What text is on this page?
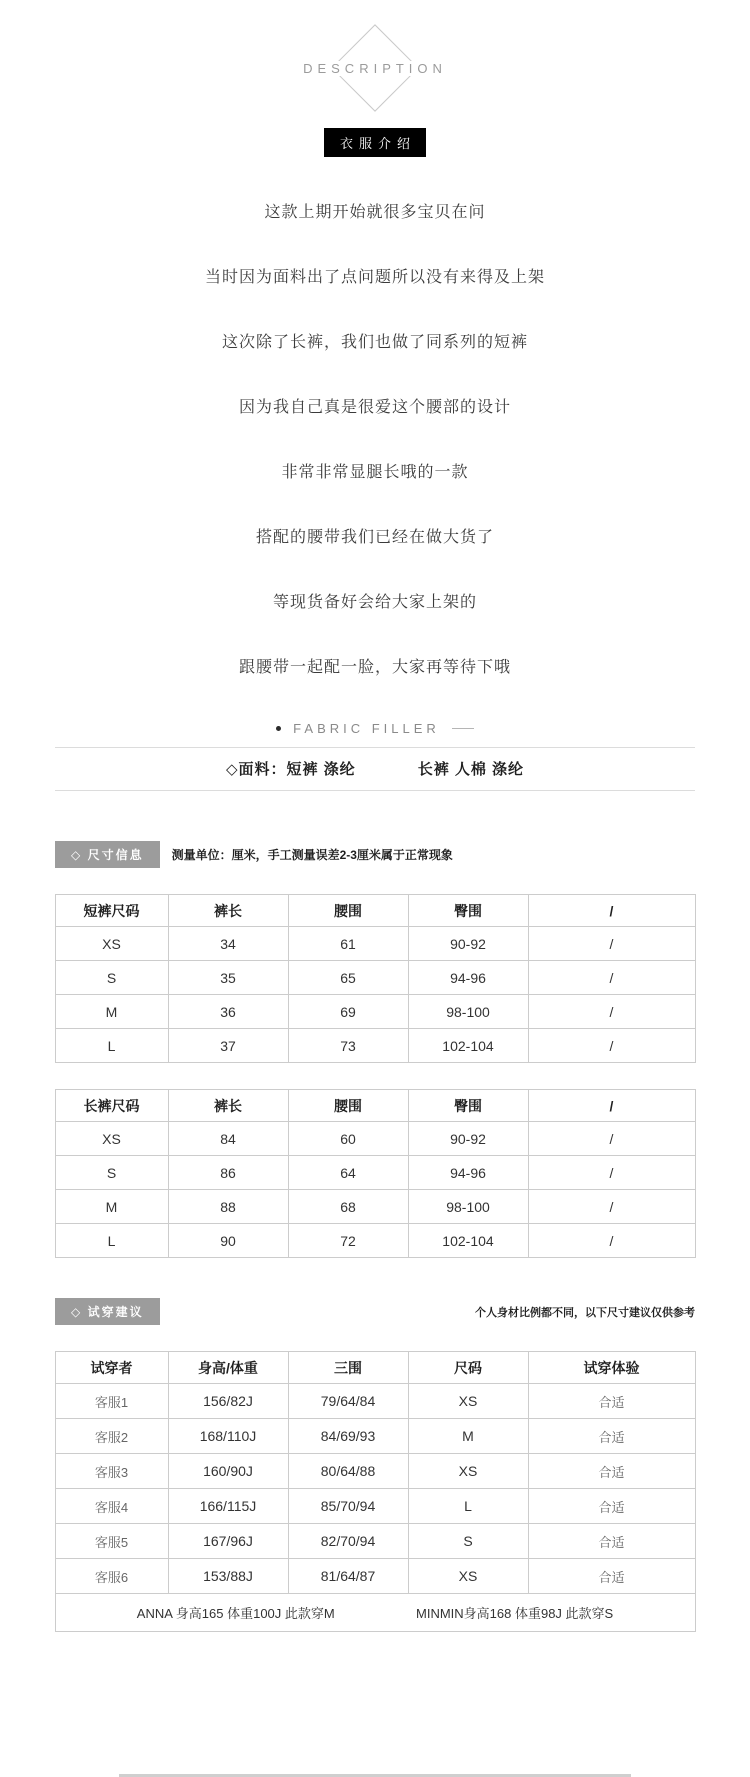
DESCRIPTION
衣服介绍

这款上期开始就很多宝贝在问

当时因为面料出了点问题所以没有来得及上架

这次除了长裤，我们也做了同系列的短裤

因为我自己真是很爱这个腰部的设计

非常非常显腿长哦的一款

搭配的腰带我们已经在做大货了

等现货备好会给大家上架的

跟腰带一起配一脸，大家再等待下哦

FABRIC FILLER
◇面料：短裤 涤纶	长裤 人棉 涤纶
◇ 尺寸信息	测量单位：厘米，手工测量误差2-3厘米属于正常现象
短裤尺码	裤长	腰围	臀围	/
XS	34	61	90-92	/
S	35	65	94-96	/
M	36	69	98-100	/
L	37	73	102-104	/
长裤尺码	裤长	腰围	臀围	/
XS	84	60	90-92	/
S	86	64	94-96	/
M	88	68	98-100	/
L	90	72	102-104	/
◇ 试穿建议	个人身材比例都不同，以下尺寸建议仅供参考
试穿者	身高/体重	三围	尺码	试穿体验
客服1	156/82J	79/64/84	XS	合适
客服2	168/110J	84/69/93	M	合适
客服3	160/90J	80/64/88	XS	合适
客服4	166/115J	85/70/94	L	合适
客服5	167/96J	82/70/94	S	合适
客服6	153/88J	81/64/87	XS	合适

ANNA 身高165 体重100J 此款穿M MINMIN身高168 体重98J 此款穿S				
